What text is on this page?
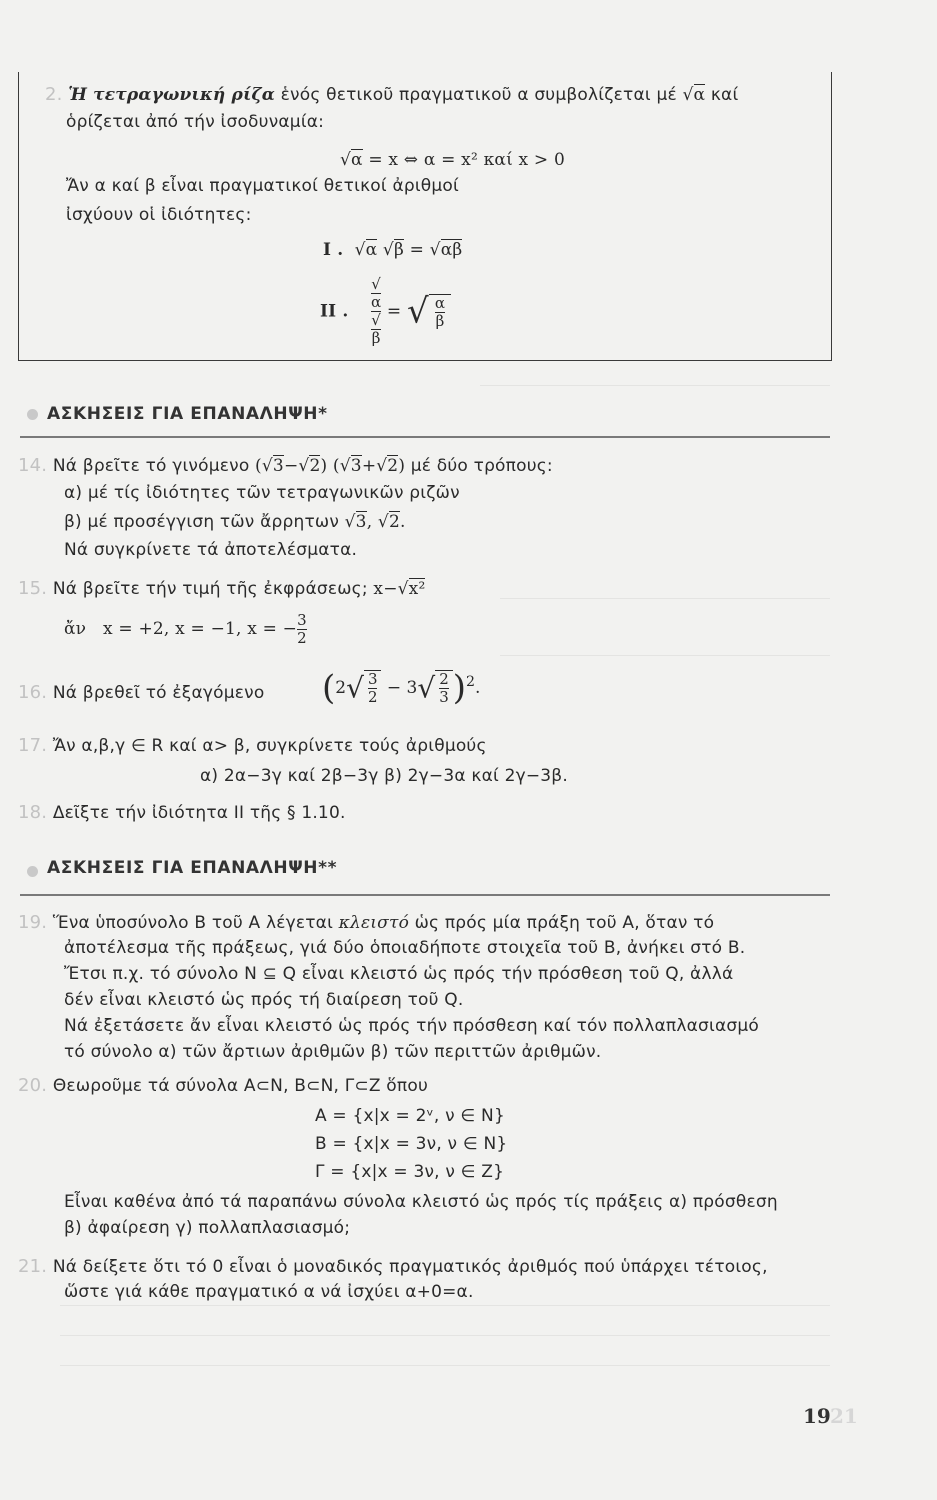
2. Ἡ τετραγωνική ρίζα ἑνός θετικοῦ πραγματικοῦ α συμβολίζεται μέ √α καί
ὁρίζεται ἀπό τήν ἰσοδυναμία:
√α = x ⇔ α = x² καί x > 0
Ἄν α καί β εἶναι πραγματικοί θετικοί ἀριθμοί
ἰσχύουν οἱ ἰδιότητες:
I .  √α √β = √αβ
II . √
α
√
β = √ $\frac{\alpha}{\beta}$
ΑΣΚΗΣΕΙΣ ΓΙΑ ΕΠΑΝΑΛΗΨΗ*
14. Νά βρεῖτε τό γινόμενο (√3−√2) (√3+√2) μέ δύο τρόπους:
α) μέ τίς ἰδιότητες τῶν τετραγωνικῶν ριζῶν
β) μέ προσέγγιση τῶν ἄρρητων √3, √2.
Νά συγκρίνετε τά ἀποτελέσματα.
15. Νά βρεῖτε τήν τιμή τῆς ἐκφράσεως; x−√x²
ἄν x = +2, x = −1, x = − $\frac{3}{2}$
16. Νά βρεθεῖ τό ἐξαγόμενο $(2√ \frac{3}{2} - 3√ \frac{2}{3} )^2$.
17. Ἄν α,β,γ ∈ R καί α> β, συγκρίνετε τούς ἀριθμούς
α) 2α−3γ καί 2β−3γ β) 2γ−3α καί 2γ−3β.
18. Δεῖξτε τήν ἰδιότητα II τῆς § 1.10.
ΑΣΚΗΣΕΙΣ ΓΙΑ ΕΠΑΝΑΛΗΨΗ**
19. Ἕνα ὑποσύνολο Β τοῦ Α λέγεται κλειστό ὡς πρός μία πράξη τοῦ Α, ὅταν τό
ἀποτέλεσμα τῆς πράξεως, γιά δύο ὁποιαδήποτε στοιχεῖα τοῦ Β, ἀνήκει στό Β.
Ἔτσι π.χ. τό σύνολο N ⊆ Q εἶναι κλειστό ὡς πρός τήν πρόσθεση τοῦ Q, ἀλλά
δέν εἶναι κλειστό ὡς πρός τή διαίρεση τοῦ Q.
Νά ἐξετάσετε ἄν εἶναι κλειστό ὡς πρός τήν πρόσθεση καί τόν πολλαπλασιασμό
τό σύνολο α) τῶν ἄρτιων ἀριθμῶν β) τῶν περιττῶν ἀριθμῶν.
20. Θεωροῦμε τά σύνολα A⊂N, B⊂N, Γ⊂Z ὅπου
A = {x|x = 2ᵛ, ν ∈ N}
B = {x|x = 3ν, ν ∈ N}
Γ = {x|x = 3ν, ν ∈ Z}
Εἶναι καθένα ἀπό τά παραπάνω σύνολα κλειστό ὡς πρός τίς πράξεις α) πρόσθεση
β) ἀφαίρεση γ) πολλαπλασιασμό;
21. Νά δείξετε ὅτι τό 0 εἶναι ὁ μοναδικός πραγματικός ἀριθμός πού ὑπάρχει τέτοιος,
ὥστε γιά κάθε πραγματικό α νά ἰσχύει α+0=α.
19 21
